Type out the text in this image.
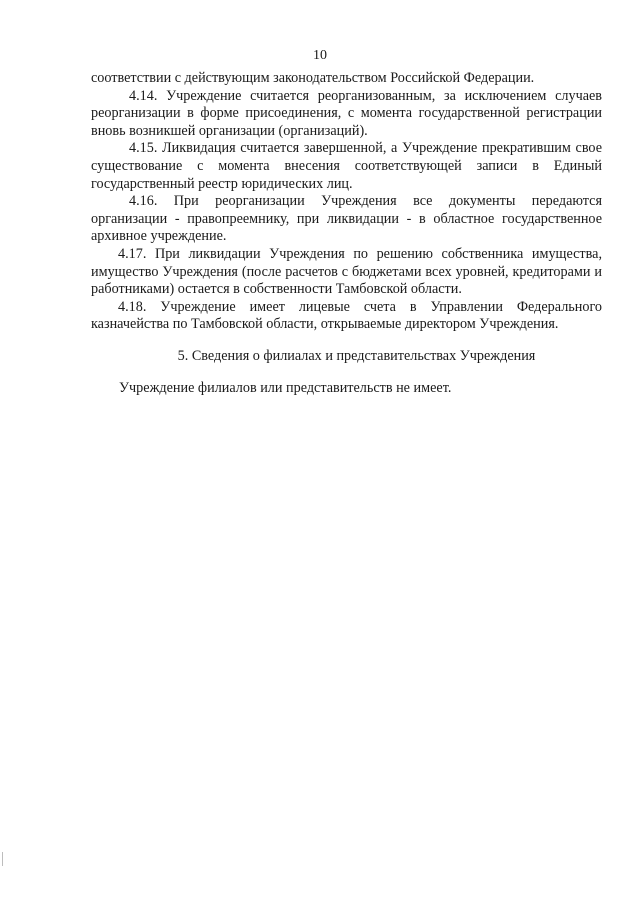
10

соответствии с действующим законодательством Российской Федерации.

4.14. Учреждение считается реорганизованным, за исключением случаев реорганизации в форме присоединения, с момента государственной регистрации вновь возникшей организации (организаций).

4.15. Ликвидация считается завершенной, а Учреждение прекратившим свое существование с момента внесения соответствующей записи в Единый государственный реестр юридических лиц.

4.16. При реорганизации Учреждения все документы передаются организации - правопреемнику, при ликвидации - в областное государственное архивное учреждение.

4.17. При ликвидации Учреждения по решению собственника имущества, имущество Учреждения (после расчетов с бюджетами всех уровней, кредиторами и работниками) остается в собственности Тамбовской области.

4.18. Учреждение имеет лицевые счета в Управлении Федерального казначейства по Тамбовской области, открываемые директором Учреждения.

5. Сведения о филиалах и представительствах Учреждения

Учреждение филиалов или представительств не имеет.
